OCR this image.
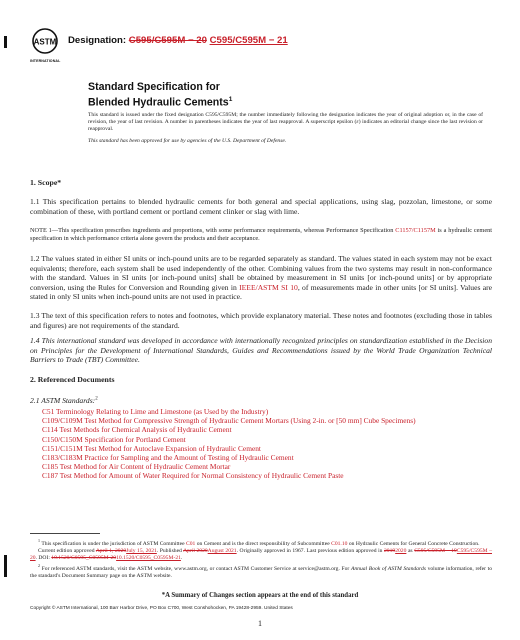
ASTM
INTERNATIONAL
Designation: C595/C595M − 20 C595/C595M − 21
Standard Specification for
Blended Hydraulic Cements$^1$

This standard is issued under the fixed designation C595/C595M; the number immediately following the designation indicates the year of original adoption or, in the case of revision, the year of last revision. A number in parentheses indicates the year of last reapproval. A superscript epsilon (ε) indicates an editorial change since the last revision or reapproval.

This standard has been approved for use by agencies of the U.S. Department of Defense.

1. Scope*

1.1 This specification pertains to blended hydraulic cements for both general and special applications, using slag, pozzolan, limestone, or some combination of these, with portland cement or portland cement clinker or slag with lime.

NOTE 1—This specification prescribes ingredients and proportions, with some performance requirements, whereas Performance Specification C1157/C1157M is a hydraulic cement specification in which performance criteria alone govern the products and their acceptance.

1.2 The values stated in either SI units or inch-pound units are to be regarded separately as standard. The values stated in each system may not be exact equivalents; therefore, each system shall be used independently of the other. Combining values from the two systems may result in non-conformance with the standard. Values in SI units [or inch-pound units] shall be obtained by measurement in SI units [or inch-pound units] or by appropriate conversion, using the Rules for Conversion and Rounding given in IEEE/ASTM SI 10, of measurements made in other units [or SI units]. Values are stated in only SI units when inch-pound units are not used in practice.

1.3 The text of this specification refers to notes and footnotes, which provide explanatory material. These notes and footnotes (excluding those in tables and figures) are not requirements of the standard.

1.4 This international standard was developed in accordance with internationally recognized principles on standardization established in the Decision on Principles for the Development of International Standards, Guides and Recommendations issued by the World Trade Organization Technical Barriers to Trade (TBT) Committee.

2. Referenced Documents
2.1 ASTM Standards:$^2$
C51 Terminology Relating to Lime and Limestone (as Used by the Industry)
C109/C109M Test Method for Compressive Strength of Hydraulic Cement Mortars (Using 2-in. or [50 mm] Cube Specimens)
C114 Test Methods for Chemical Analysis of Hydraulic Cement
C150/C150M Specification for Portland Cement
C151/C151M Test Method for Autoclave Expansion of Hydraulic Cement
C183/C183M Practice for Sampling and the Amount of Testing of Hydraulic Cement
C185 Test Method for Air Content of Hydraulic Cement Mortar
C187 Test Method for Amount of Water Required for Normal Consistency of Hydraulic Cement Paste

$^1$ This specification is under the jurisdiction of ASTM Committee C01 on Cement and is the direct responsibility of Subcommittee C01.10 on Hydraulic Cements for General Concrete Construction.

Current edition approved April 1, 2020July 15, 2021. Published April 2020August 2021. Originally approved in 1967. Last previous edition approved in 20192020 as C595/C595M − 19C595/C595M – 20. DOI: 10.1520/C0595_C0595M-2010.1520/C0595_C0595M-21.

$^2$ For referenced ASTM standards, visit the ASTM website, www.astm.org, or contact ASTM Customer Service at service@astm.org. For Annual Book of ASTM Standards volume information, refer to the standard's Document Summary page on the ASTM website.

*A Summary of Changes section appears at the end of this standard
Copyright © ASTM International, 100 Barr Harbor Drive, PO Box C700, West Conshohocken, PA 19428-2959. United States
1
